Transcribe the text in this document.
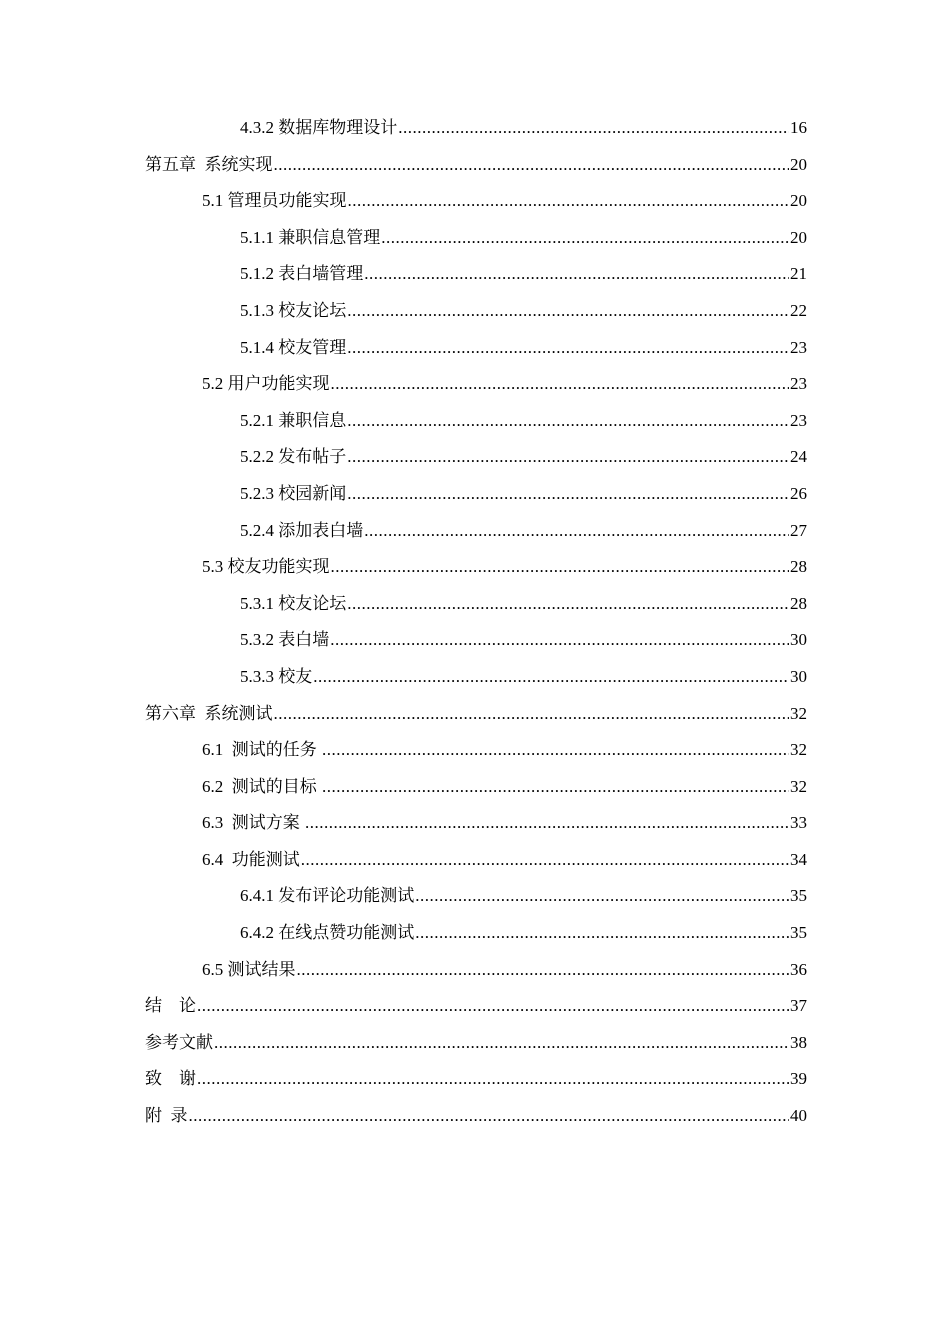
4.3.2 数据库物理设计 .....	16
第五章  系统实现 .....	20
5.1 管理员功能实现 .....	20
5.1.1 兼职信息管理 .....	20
5.1.2 表白墙管理 .....	21
5.1.3 校友论坛 .....	22
5.1.4 校友管理 .....	23
5.2 用户功能实现 .....	23
5.2.1 兼职信息 .....	23
5.2.2 发布帖子 .....	24
5.2.3 校园新闻 .....	26
5.2.4 添加表白墙 .....	27
5.3 校友功能实现 .....	28
5.3.1 校友论坛 .....	28
5.3.2 表白墙 .....	30
5.3.3 校友 .....	30
第六章  系统测试 .....	32
6.1  测试的任务 .....	32
6.2  测试的目标 .....	32
6.3  测试方案 .....	33
6.4  功能测试 .....	34
6.4.1 发布评论功能测试 .....	35
6.4.2 在线点赞功能测试 .....	35
6.5 测试结果 .....	36
结    论 .....	37
参考文献 .....	38
致    谢 .....	39
附  录 .....	40
